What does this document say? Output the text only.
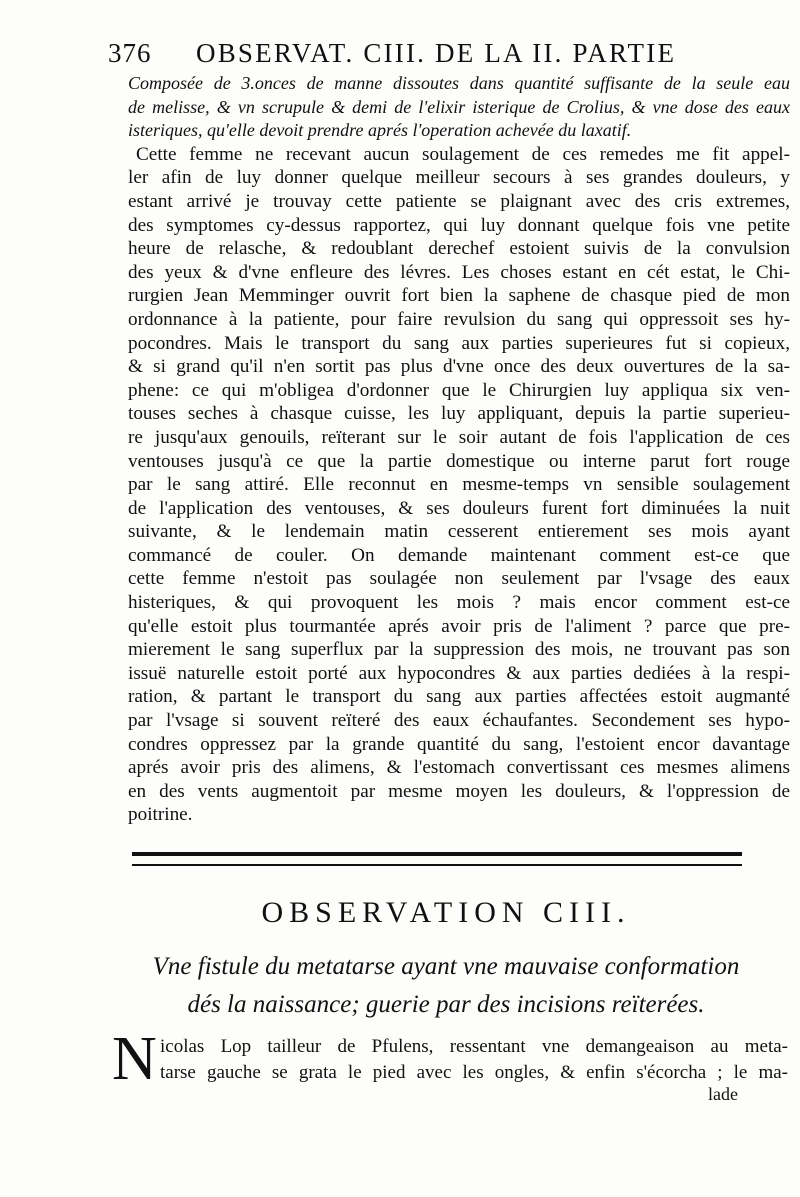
376 OBSERVAT. CIII. DE LA II. PARTIE
Composée de 3.onces de manne dissoutes dans quantité suffisante de la seule eau
de melisse, & vn scrupule & demi de l'elixir isterique de Crolius, & vne dose des eaux
isteriques, qu'elle devoit prendre aprés l'operation achevée du laxatif.
Cette femme ne recevant aucun soulagement de ces remedes me fit appel-
ler afin de luy donner quelque meilleur secours à ses grandes douleurs, y
estant arrivé je trouvay cette patiente se plaignant avec des cris extremes,
des symptomes cy-dessus rapportez, qui luy donnant quelque fois vne petite
heure de relasche, & redoublant derechef estoient suivis de la convulsion
des yeux & d'vne enfleure des lévres. Les choses estant en cét estat, le Chi-
rurgien Jean Memminger ouvrit fort bien la saphene de chasque pied de mon
ordonnance à la patiente, pour faire revulsion du sang qui oppressoit ses hy-
pocondres. Mais le transport du sang aux parties superieures fut si copieux,
& si grand qu'il n'en sortit pas plus d'vne once des deux ouvertures de la sa-
phene: ce qui m'obligea d'ordonner que le Chirurgien luy appliqua six ven-
touses seches à chasque cuisse, les luy appliquant, depuis la partie superieu-
re jusqu'aux genouils, reïterant sur le soir autant de fois l'application de ces
ventouses jusqu'à ce que la partie domestique ou interne parut fort rouge
par le sang attiré. Elle reconnut en mesme-temps vn sensible soulagement
de l'application des ventouses, & ses douleurs furent fort diminuées la nuit
suivante, & le lendemain matin cesserent entierement ses mois ayant
commancé de couler. On demande maintenant comment est-ce que
cette femme n'estoit pas soulagée non seulement par l'vsage des eaux
histeriques, & qui provoquent les mois ? mais encor comment est-ce
qu'elle estoit plus tourmantée aprés avoir pris de l'aliment ? parce que pre-
mierement le sang superflux par la suppression des mois, ne trouvant pas son
issuë naturelle estoit porté aux hypocondres & aux parties dediées à la respi-
ration, & partant le transport du sang aux parties affectées estoit augmanté
par l'vsage si souvent reïteré des eaux échaufantes. Secondement ses hypo-
condres oppressez par la grande quantité du sang, l'estoient encor davantage
aprés avoir pris des alimens, & l'estomach convertissant ces mesmes alimens
en des vents augmentoit par mesme moyen les douleurs, & l'oppression de
poitrine.
OBSERVATION CIII.
Vne fistule du metatarse ayant vne mauvaise conformation
dés la naissance; guerie par des incisions reïterées.
N icolas Lop tailleur de Pfulens, ressentant vne demangeaison au meta-
tarse gauche se grata le pied avec les ongles, & enfin s'écorcha ; le ma-
lade
